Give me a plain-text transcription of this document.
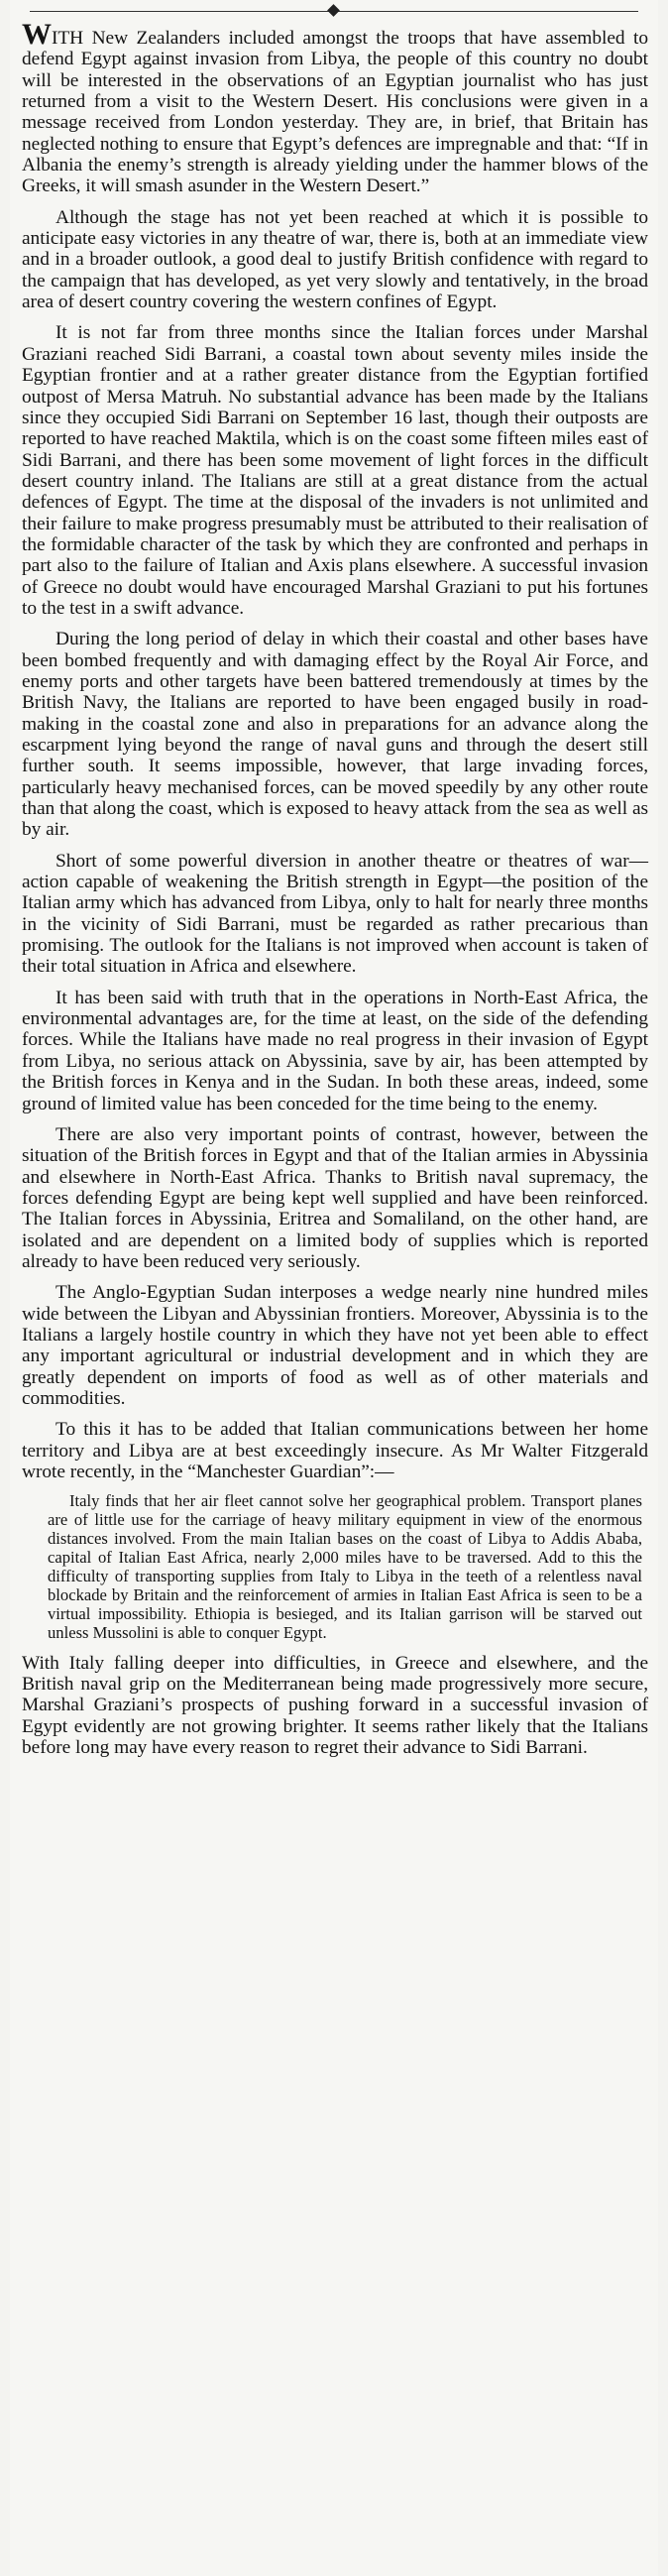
WITH New Zealanders included amongst the troops that have assembled to defend Egypt against invasion from Libya, the people of this country no doubt will be interested in the observations of an Egyptian journalist who has just returned from a visit to the Western Desert. His conclusions were given in a message received from London yesterday. They are, in brief, that Britain has neglected nothing to ensure that Egypt’s defences are impregnable and that: “If in Albania the enemy’s strength is already yielding under the hammer blows of the Greeks, it will smash asunder in the Western Desert.”

Although the stage has not yet been reached at which it is possible to anticipate easy victories in any theatre of war, there is, both at an immediate view and in a broader outlook, a good deal to justify British confidence with regard to the campaign that has developed, as yet very slowly and tentatively, in the broad area of desert country covering the western confines of Egypt.

It is not far from three months since the Italian forces under Marshal Graziani reached Sidi Barrani, a coastal town about seventy miles inside the Egyptian frontier and at a rather greater distance from the Egyptian fortified outpost of Mersa Matruh. No substantial advance has been made by the Italians since they occupied Sidi Barrani on September 16 last, though their outposts are reported to have reached Maktila, which is on the coast some fifteen miles east of Sidi Barrani, and there has been some movement of light forces in the difficult desert country inland. The Italians are still at a great distance from the actual defences of Egypt. The time at the disposal of the invaders is not unlimited and their failure to make progress presumably must be attributed to their realisation of the formidable character of the task by which they are confronted and perhaps in part also to the failure of Italian and Axis plans elsewhere. A successful invasion of Greece no doubt would have encouraged Marshal Graziani to put his fortunes to the test in a swift advance.

During the long period of delay in which their coastal and other bases have been bombed frequently and with damaging effect by the Royal Air Force, and enemy ports and other targets have been battered tremendously at times by the British Navy, the Italians are reported to have been engaged busily in road-making in the coastal zone and also in preparations for an advance along the escarpment lying beyond the range of naval guns and through the desert still further south. It seems impossible, however, that large invading forces, particularly heavy mechanised forces, can be moved speedily by any other route than that along the coast, which is exposed to heavy attack from the sea as well as by air.

Short of some powerful diversion in another theatre or theatres of war—action capable of weakening the British strength in Egypt—the position of the Italian army which has advanced from Libya, only to halt for nearly three months in the vicinity of Sidi Barrani, must be regarded as rather precarious than promising. The outlook for the Italians is not improved when account is taken of their total situation in Africa and elsewhere.

It has been said with truth that in the operations in North-East Africa, the environmental advantages are, for the time at least, on the side of the defending forces. While the Italians have made no real progress in their invasion of Egypt from Libya, no serious attack on Abyssinia, save by air, has been attempted by the British forces in Kenya and in the Sudan. In both these areas, indeed, some ground of limited value has been conceded for the time being to the enemy.

There are also very important points of contrast, however, between the situation of the British forces in Egypt and that of the Italian armies in Abyssinia and elsewhere in North-East Africa. Thanks to British naval supremacy, the forces defending Egypt are being kept well supplied and have been reinforced. The Italian forces in Abyssinia, Eritrea and Somaliland, on the other hand, are isolated and are dependent on a limited body of supplies which is reported already to have been reduced very seriously.

The Anglo-Egyptian Sudan interposes a wedge nearly nine hundred miles wide between the Libyan and Abyssinian frontiers. Moreover, Abyssinia is to the Italians a largely hostile country in which they have not yet been able to effect any important agricultural or industrial development and in which they are greatly dependent on imports of food as well as of other materials and commodities.

To this it has to be added that Italian communications between her home territory and Libya are at best exceedingly insecure. As Mr Walter Fitzgerald wrote recently, in the “Manchester Guardian”:—

Italy finds that her air fleet cannot solve her geographical problem. Transport planes are of little use for the carriage of heavy military equipment in view of the enormous distances involved. From the main Italian bases on the coast of Libya to Addis Ababa, capital of Italian East Africa, nearly 2,000 miles have to be traversed. Add to this the difficulty of transporting supplies from Italy to Libya in the teeth of a relentless naval blockade by Britain and the reinforcement of armies in Italian East Africa is seen to be a virtual impossibility. Ethiopia is besieged, and its Italian garrison will be starved out unless Mussolini is able to conquer Egypt.

With Italy falling deeper into difficulties, in Greece and elsewhere, and the British naval grip on the Mediterranean being made progressively more secure, Marshal Graziani’s prospects of pushing forward in a successful invasion of Egypt evidently are not growing brighter. It seems rather likely that the Italians before long may have every reason to regret their advance to Sidi Barrani.
